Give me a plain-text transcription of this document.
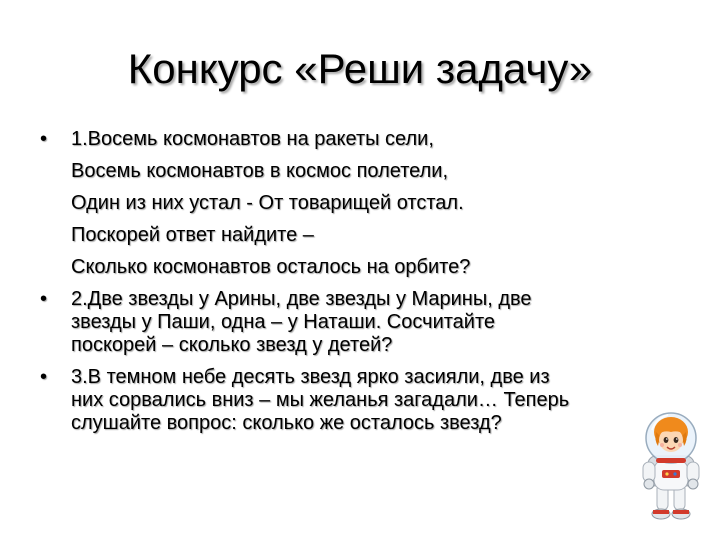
Конкурс «Реши задачу»
•	1.Восемь космонавтов на ракеты сели,
Восемь космонавтов в космос полетели,
Один из них устал - От товарищей отстал.
Поскорей ответ найдите –
Сколько космонавтов осталось на орбите?
•	2.Две звезды у Арины, две звезды у Марины, две
звезды у Паши, одна – у Наташи. Сосчитайте
поскорей – сколько звезд у детей?
•	3.В темном небе десять звезд ярко засияли, две из
них сорвались вниз – мы желанья загадали… Теперь
слушайте вопрос: сколько же осталось звезд?
